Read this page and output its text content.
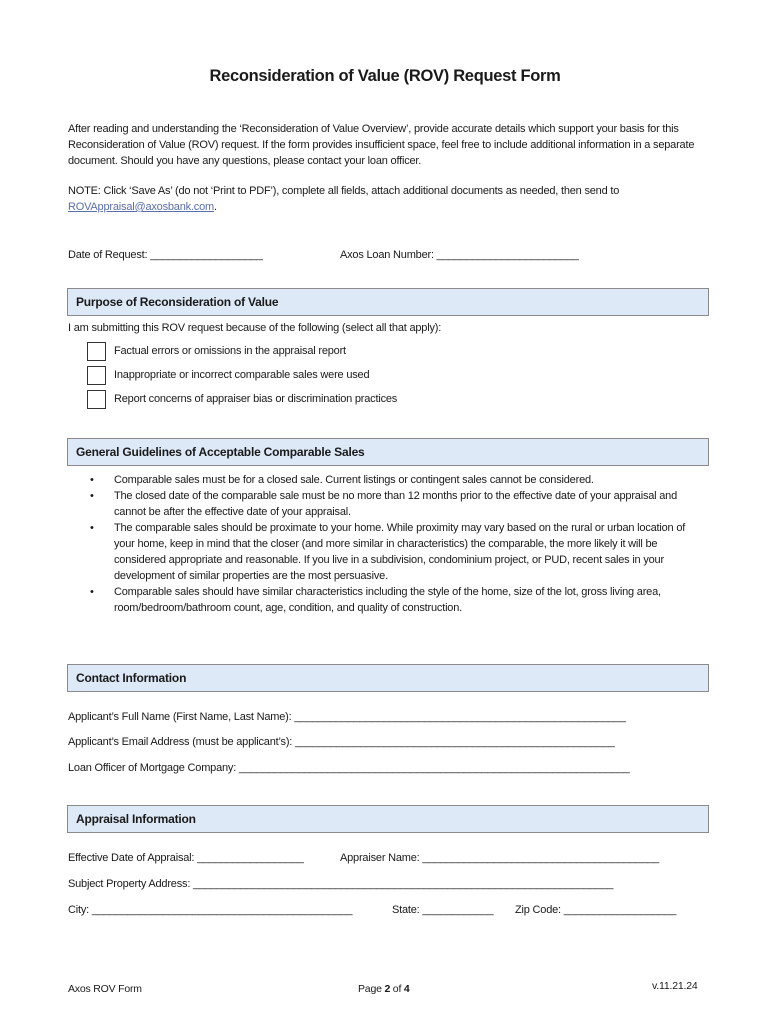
Reconsideration of Value (ROV) Request Form

After reading and understanding the ‘Reconsideration of Value Overview’, provide accurate details which support your basis for this Reconsideration of Value (ROV) request. If the form provides insufficient space, feel free to include additional information in a separate document. Should you have any questions, please contact your loan officer.

NOTE: Click ‘Save As’ (do not ‘Print to PDF’), complete all fields, attach additional documents as needed, then send to ROVAppraisal@axosbank.com.

Date of Request: ___________________	Axos Loan Number: ________________________
Purpose of Reconsideration of Value
I am submitting this ROV request because of the following (select all that apply):
Factual errors or omissions in the appraisal report
Inappropriate or incorrect comparable sales were used
Report concerns of appraiser bias or discrimination practices
General Guidelines of Acceptable Comparable Sales
• Comparable sales must be for a closed sale. Current listings or contingent sales cannot be considered.
• The closed date of the comparable sale must be no more than 12 months prior to the effective date of your appraisal and cannot be after the effective date of your appraisal.
• The comparable sales should be proximate to your home. While proximity may vary based on the rural or urban location of your home, keep in mind that the closer (and more similar in characteristics) the comparable, the more likely it will be considered appropriate and reasonable. If you live in a subdivision, condominium project, or PUD, recent sales in your development of similar properties are the most persuasive.
• Comparable sales should have similar characteristics including the style of the home, size of the lot, gross living area, room/bedroom/bathroom count, age, condition, and quality of construction.
Contact Information
Applicant’s Full Name (First Name, Last Name): ________________________________________________________
Applicant’s Email Address (must be applicant’s): ______________________________________________________
Loan Officer of Mortgage Company: __________________________________________________________________
Appraisal Information
Effective Date of Appraisal: __________________	Appraiser Name: ________________________________________
Subject Property Address: _______________________________________________________________________
City: ____________________________________________	State: ____________ Zip Code: ___________________
Axos ROV Form	Page 2 of 4	v.11.21.24
